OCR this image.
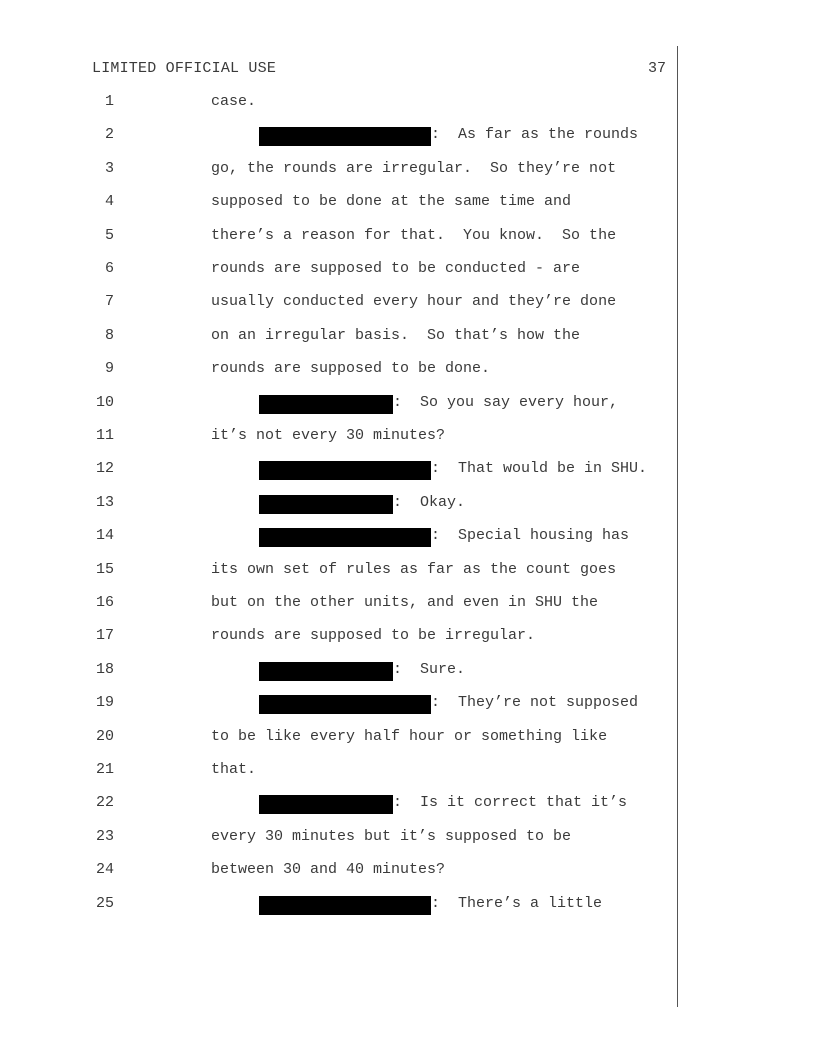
LIMITED OFFICIAL USE	37
1	case.
2	:  As far as the rounds
3	go, the rounds are irregular.  So they’re not
4	supposed to be done at the same time and
5	there’s a reason for that.  You know.  So the
6	rounds are supposed to be conducted - are
7	usually conducted every hour and they’re done
8	on an irregular basis.  So that’s how the
9	rounds are supposed to be done.
10	:  So you say every hour,
11	it’s not every 30 minutes?
12	:  That would be in SHU.
13	:  Okay.
14	:  Special housing has
15	its own set of rules as far as the count goes
16	but on the other units, and even in SHU the
17	rounds are supposed to be irregular.
18	:  Sure.
19	:  They’re not supposed
20	to be like every half hour or something like
21	that.
22	:  Is it correct that it’s
23	every 30 minutes but it’s supposed to be
24	between 30 and 40 minutes?
25	:  There’s a little
